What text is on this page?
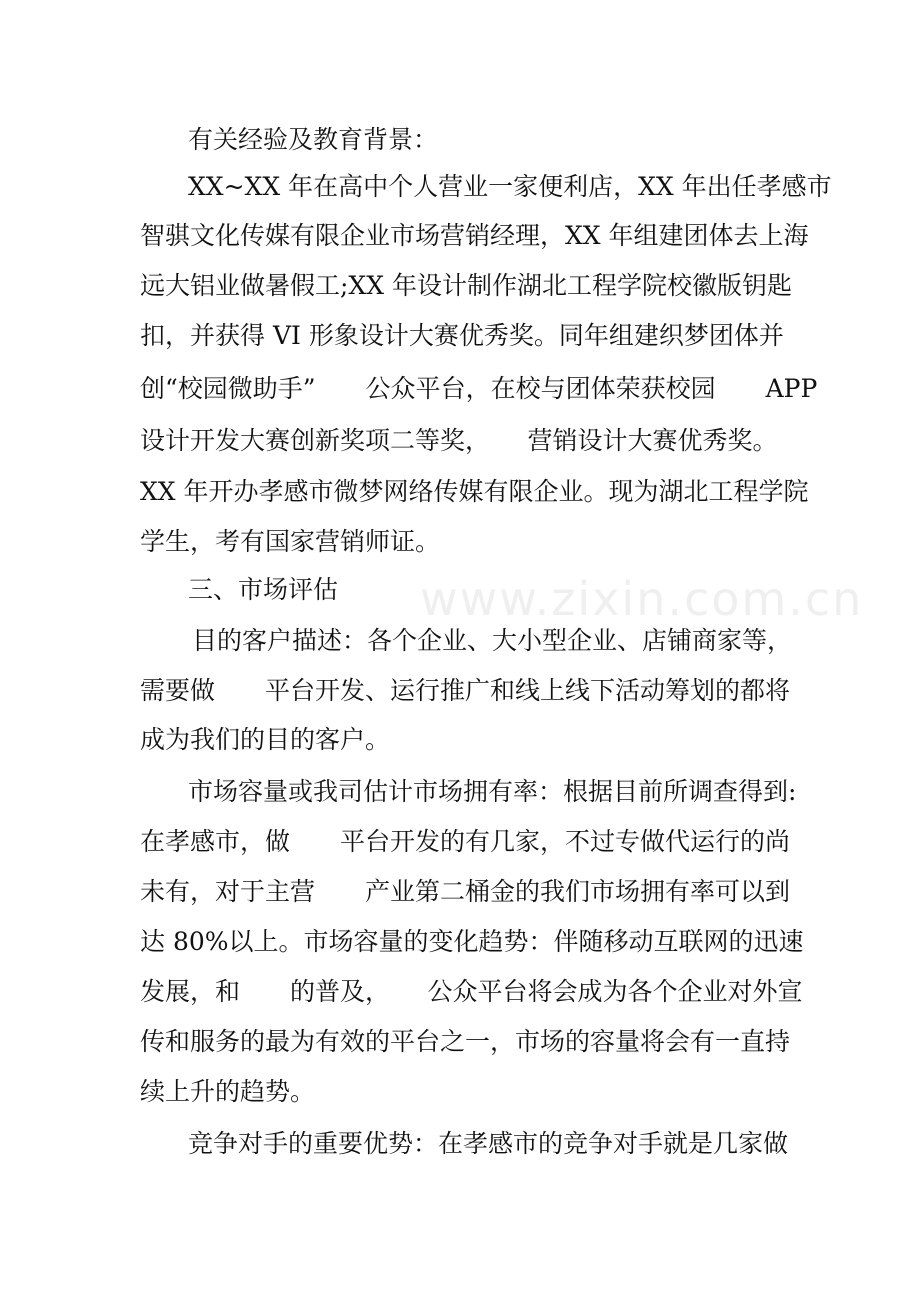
www.zixin.com.cn
有关经验及教育背景：
XX~XX 年在高中个人营业一家便利店，XX 年出任孝感市
智骐文化传媒有限企业市场营销经理，XX 年组建团体去上海
远大铝业做暑假工;XX 年设计制作湖北工程学院校徽版钥匙
扣，并获得 VI 形象设计大赛优秀奖。同年组建织梦团体并
创“校园微助手”　　公众平台，在校与团体荣获校园　　APP
设计开发大赛创新奖项二等奖，　　营销设计大赛优秀奖。
XX 年开办孝感市微梦网络传媒有限企业。现为湖北工程学院
学生，考有国家营销师证。
三、市场评估
目的客户描述：各个企业、大小型企业、店铺商家等，
需要做　　平台开发、运行推广和线上线下活动筹划的都将
成为我们的目的客户。
市场容量或我司估计市场拥有率：根据目前所调查得到:
在孝感市，做　　平台开发的有几家，不过专做代运行的尚
未有，对于主营　　产业第二桶金的我们市场拥有率可以到
达 80%以上。市场容量的变化趋势：伴随移动互联网的迅速
发展，和　　的普及，　　公众平台将会成为各个企业对外宣
传和服务的最为有效的平台之一，市场的容量将会有一直持
续上升的趋势。
竞争对手的重要优势：在孝感市的竞争对手就是几家做
